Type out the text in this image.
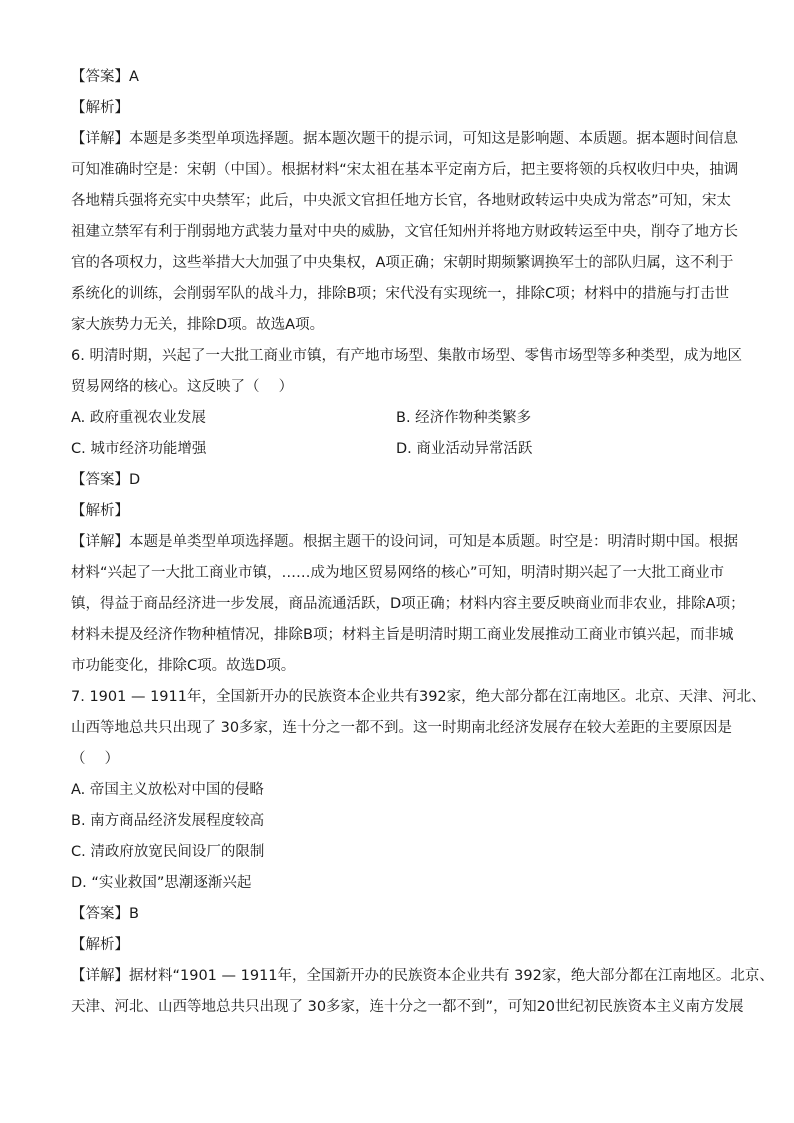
【答案】A

【解析】

【详解】本题是多类型单项选择题。据本题次题干的提示词，可知这是影响题、本质题。据本题时间信息

可知准确时空是：宋朝（中国）。根据材料“宋太祖在基本平定南方后，把主要将领的兵权收归中央，抽调

各地精兵强将充实中央禁军；此后，中央派文官担任地方长官，各地财政转运中央成为常态”可知，宋太

祖建立禁军有利于削弱地方武装力量对中央的威胁，文官任知州并将地方财政转运至中央，削夺了地方长

官的各项权力，这些举措大大加强了中央集权，A项正确；宋朝时期频繁调换军士的部队归属，这不利于

系统化的训练，会削弱军队的战斗力，排除B项；宋代没有实现统一，排除C项；材料中的措施与打击世

家大族势力无关，排除D项。故选A项。

6. 明清时期，兴起了一大批工商业市镇，有产地市场型、集散市场型、零售市场型等多种类型，成为地区

贸易网络的核心。这反映了（　 ）

A. 政府重视农业发展	B. 经济作物种类繁多
C. 城市经济功能增强	D. 商业活动异常活跃

【答案】D

【解析】

【详解】本题是单类型单项选择题。根据主题干的设问词，可知是本质题。时空是：明清时期中国。根据

材料“兴起了一大批工商业市镇，……成为地区贸易网络的核心”可知，明清时期兴起了一大批工商业市

镇，得益于商品经济进一步发展，商品流通活跃，D项正确；材料内容主要反映商业而非农业，排除A项；

材料未提及经济作物种植情况，排除B项；材料主旨是明清时期工商业发展推动工商业市镇兴起，而非城

市功能变化，排除C项。故选D项。

7. 1901 — 1911年，全国新开办的民族资本企业共有392家，绝大部分都在江南地区。北京、天津、河北、

山西等地总共只出现了 30多家，连十分之一都不到。这一时期南北经济发展存在较大差距的主要原因是

（　 ）

A. 帝国主义放松对中国的侵略

B. 南方商品经济发展程度较高

C. 清政府放宽民间设厂的限制

D. “实业救国”思潮逐渐兴起

【答案】B

【解析】

【详解】据材料“1901 — 1911年，全国新开办的民族资本企业共有 392家，绝大部分都在江南地区。北京、

天津、河北、山西等地总共只出现了 30多家，连十分之一都不到”，可知20世纪初民族资本主义南方发展
